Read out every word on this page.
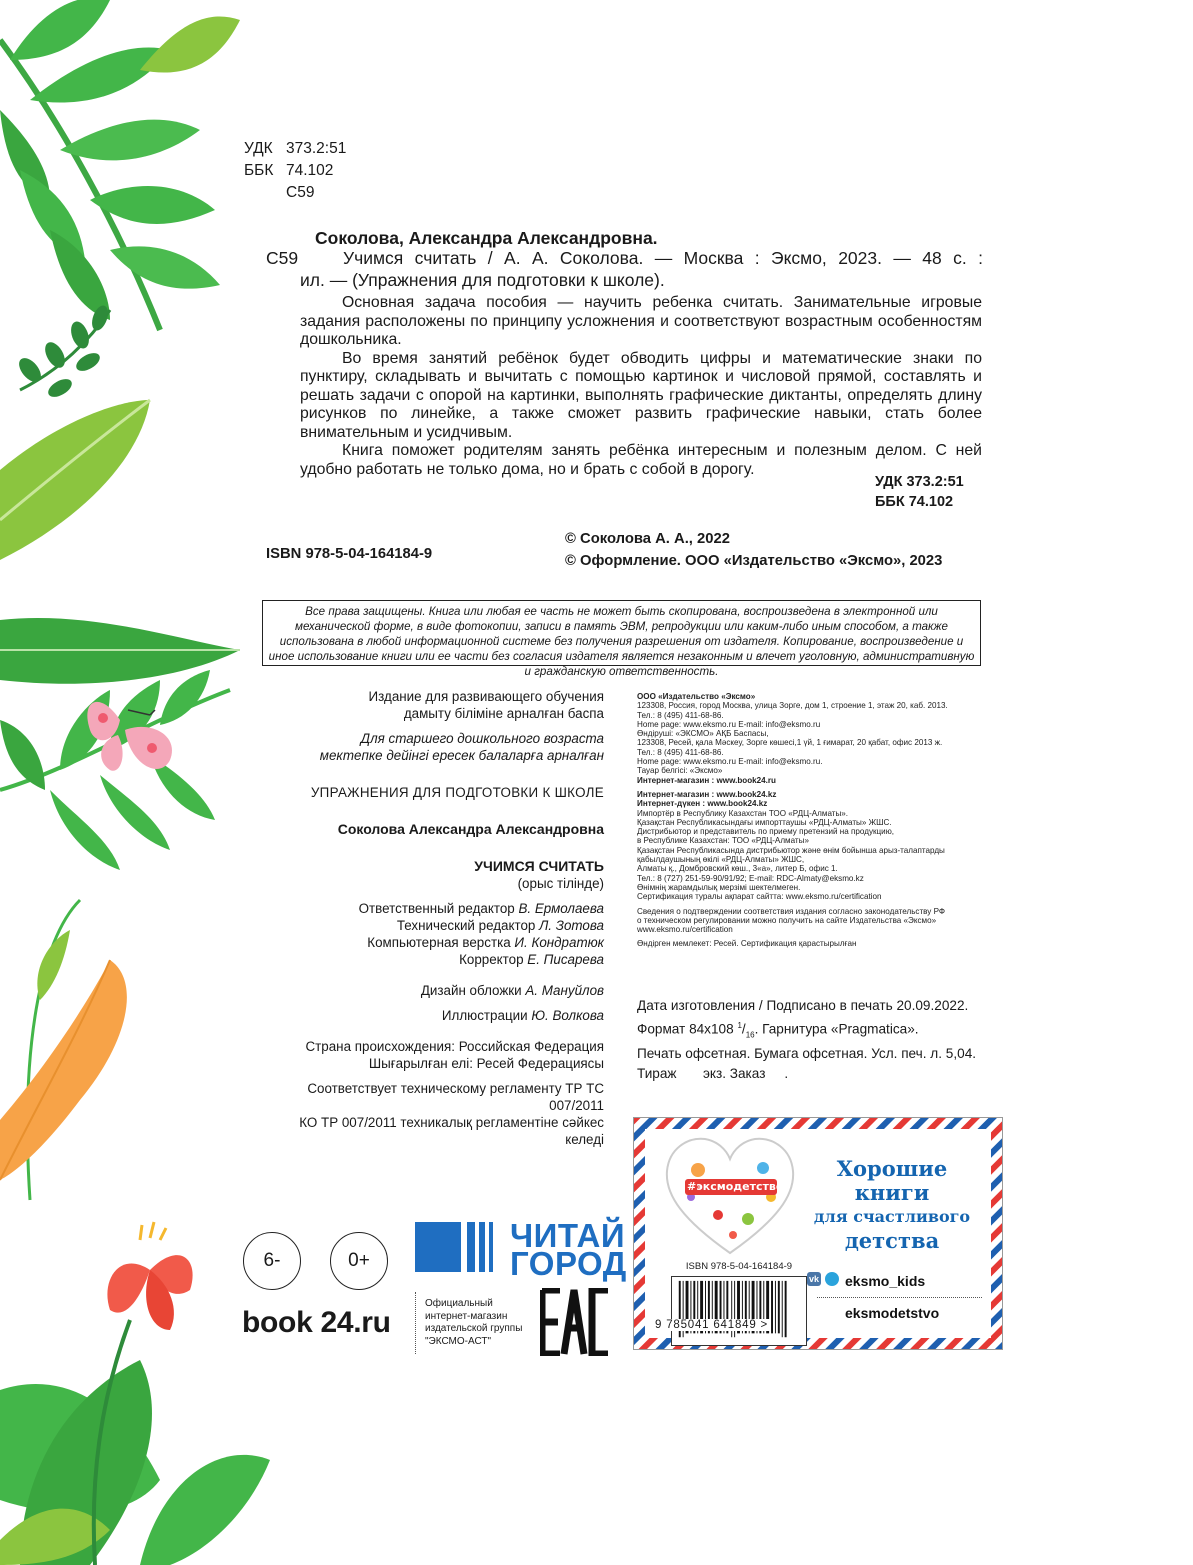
УДК 373.2:51
ББК 74.102
С59
Соколова, Александра Александровна.
С59	Учимся считать / А. А. Соколова. — Москва : Эксмо, 2023. — 48 с. :
ил. — (Упражнения для подготовки к школе).
Основная задача пособия — научить ребенка считать. Занимательные игровые задания расположены по принципу усложнения и соответствуют возрастным особенностям дошкольника.
Во время занятий ребёнок будет обводить цифры и математические знаки по пунктиру, складывать и вычитать с помощью картинок и числовой прямой, составлять и решать задачи с опорой на картинки, выполнять графические диктанты, определять длину рисунков по линейке, а также сможет развить графические навыки, стать более внимательным и усидчивым.
Книга поможет родителям занять ребёнка интересным и полезным делом. С ней удобно работать не только дома, но и брать с собой в дорогу.
УДК 373.2:51
ББК 74.102
© Соколова А. А., 2022
© Оформление. ООО «Издательство «Эксмо», 2023
ISBN 978-5-04-164184-9
Все права защищены. Книга или любая ее часть не может быть скопирована, воспроизведена в электронной или механической форме, в виде фотокопии, записи в память ЭВМ, репродукции или каким-либо иным способом, а также использована в любой информационной системе без получения разрешения от издателя. Копирование, воспроизведение и иное использование книги или ее части без согласия издателя является незаконным и влечет уголовную, административную и гражданскую ответственность.
Издание для развивающего обучения
дамыту біліміне арналған баспа
Для старшего дошкольного возраста
мектепке дейінгі ересек балаларға арналған
УПРАЖНЕНИЯ ДЛЯ ПОДГОТОВКИ К ШКОЛЕ
Соколова Александра Александровна
УЧИМСЯ СЧИТАТЬ
(орыс тілінде)
Ответственный редактор В. Ермолаева
Технический редактор Л. Зотова
Компьютерная верстка И. Кондратюк
Корректор Е. Писарева
Дизайн обложки А. Мануйлов
Иллюстрации Ю. Волкова
Страна происхождения: Российская Федерация
Шығарылған елі: Ресей Федерациясы
Соответствует техническому регламенту ТР ТС 007/2011
КО ТР 007/2011 техникалық регламентіне сәйкес келеді
ООО «Издательство «Эксмо»
123308, Россия, город Москва, улица Зорге, дом 1, строение 1, этаж 20, каб. 2013.
Тел.: 8 (495) 411-68-86.
Home page: www.eksmo.ru E-mail: info@eksmo.ru
Өндіруші: «ЭКСМО» АҚБ Баспасы,
123308, Ресей, қала Мәскеу, Зорге көшесі,1 үй, 1 ғимарат, 20 қабат, офис 2013 ж.
Тел.: 8 (495) 411-68-86.
Home page: www.eksmo.ru E-mail: info@eksmo.ru.
Тауар белгісі: «Эксмо»
Интернет-магазин : www.book24.ru
Интернет-магазин : www.book24.kz
Интернет-дүкен : www.book24.kz
Импортёр в Республику Казахстан ТОО «РДЦ-Алматы».
Қазақстан Республикасындағы импорттаушы «РДЦ-Алматы» ЖШС.
Дистрибьютор и представитель по приему претензий на продукцию,
в Республике Казахстан: ТОО «РДЦ-Алматы»
Қазақстан Республикасында дистрибьютор және өнім бойынша арыз-талаптарды
қабылдаушының өкілі «РДЦ-Алматы» ЖШС,
Алматы қ., Домбровский көш., 3«а», литер Б, офис 1.
Тел.: 8 (727) 251-59-90/91/92; E-mail: RDC-Almaty@eksmo.kz
Өнімнің жарамдылық мерзімі шектелмеген.
Сертификация туралы ақпарат сайтта: www.eksmo.ru/certification
Сведения о подтверждении соответствия издания согласно законодательству РФ
о техническом регулировании можно получить на сайте Издательства «Эксмо»
www.eksmo.ru/certification
Өндірген мемлекет: Ресей. Сертификация қарастырылған
Дата изготовления / Подписано в печать 20.09.2022.
Формат 84x108 $^1/_{16}$. Гарнитура «Pragmatica».
Печать офсетная. Бумага офсетная. Усл. печ. л. 5,04.
Тираж       экз. Заказ     .
6-	0+
ЧИТАЙ
ГОРОД
book 24.ru
Официальный
интернет-магазин
издательской группы
"ЭКСМО-АСТ"
#эксмодетство
Хорошие
книги
для счастливого
детства
ISBN 978-5-04-164184-9
vk eksmo_kids
eksmodetstvo
9 785041 641849 >
